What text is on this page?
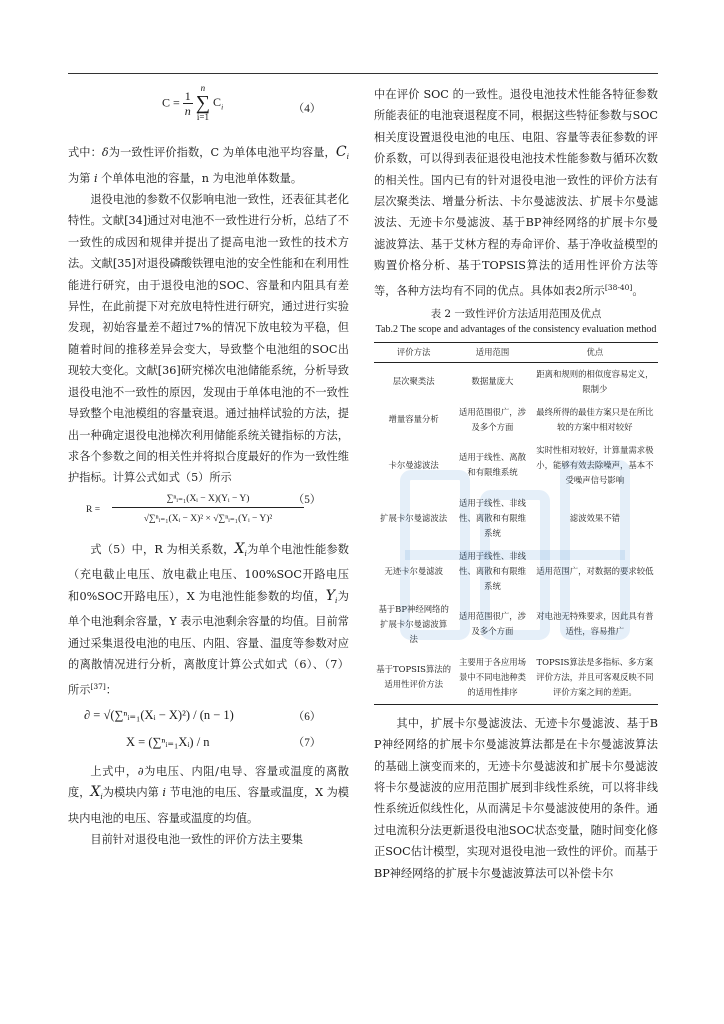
$C = \frac{1}{n}$
n
∑
i=1 $C_i$	（4）

式中：δ为一致性评价指数，C 为单体电池平均容量，$C_i$为第 i 个单体电池的容量，n 为电池单体数量。

退役电池的参数不仅影响电池一致性，还表征其老化特性。文献[34]通过对电池不一致性进行分析，总结了不一致性的成因和规律并提出了提高电池一致性的技术方法。文献[35]对退役磷酸铁锂电池的安全性能和在利用性能进行研究，由于退役电池的SOC、容量和内阻具有差异性，在此前提下对充放电特性进行研究，通过进行实验发现，初始容量差不超过7%的情况下放电较为平稳，但随着时间的推移差异会变大，导致整个电池组的SOC出现较大变化。文献[36]研究梯次电池储能系统，分析导致退役电池不一致性的原因，发现由于单体电池的不一致性导致整个电池模组的容量衰退。通过抽样试验的方法，提出一种确定退役电池梯次利用储能系统关键指标的方法，求各个参数之间的相关性并将拟合度最好的作为一致性维护指标。计算公式如式（5）所示

R =
∑ⁿᵢ₌₁(Xᵢ − X)(Yᵢ − Y)
√∑ⁿᵢ₌₁(Xᵢ − X)² × √∑ⁿᵢ₌₁(Yᵢ − Y)²
（5）

式（5）中，R 为相关系数，$X_i$为单个电池性能参数（充电截止电压、放电截止电压、100%SOC开路电压和0%SOC开路电压），X 为电池性能参数的均值，$Y_i$为单个电池剩余容量，Y 表示电池剩余容量的均值。目前常通过采集退役电池的电压、内阻、容量、温度等参数对应的离散情况进行分析，离散度计算公式如式（6）、（7）所示[37]：

∂ = √(∑ⁿᵢ₌₁(Xᵢ − X)²) / (n − 1)	（6）
X = (∑ⁿᵢ₌₁Xᵢ) / n	（7）

上式中，∂为电压、内阻/电导、容量或温度的离散度，$X_i$为模块内第 i 节电池的电压、容量或温度，X 为模块内电池的电压、容量或温度的均值。

目前针对退役电池一致性的评价方法主要集

中在评价 SOC 的一致性。退役电池技术性能各特征参数所能表征的电池衰退程度不同，根据这些特征参数与SOC相关度设置退役电池的电压、电阻、容量等表征参数的评价系数，可以得到表征退役电池技术性能参数与循环次数的相关性。国内已有的针对退役电池一致性的评价方法有层次聚类法、增量分析法、卡尔曼滤波法、扩展卡尔曼滤波法、无迹卡尔曼滤波、基于BP神经网络的扩展卡尔曼滤波算法、基于艾林方程的寿命评价、基于净收益模型的购置价格分析、基于TOPSIS算法的适用性评价方法等等，各种方法均有不同的优点。具体如表2所示[38-40]。

表 2 一致性评价方法适用范围及优点

Tab.2 The scope and advantages of the consistency evaluation method

评价方法	适用范围	优点
层次聚类法	数据量庞大	距离和规则的相似度容易定义，限制少
增量容量分析	适用范围很广，涉及多个方面	最终所得的最佳方案只是在所比较的方案中相对较好
卡尔曼滤波法	适用于线性、离散和有限维系统	实时性相对较好，计算量需求极小，能够有效去除噪声，基本不受噪声信号影响
扩展卡尔曼滤波法	适用于线性、非线性、离散和有限维系统	滤波效果不错
无迹卡尔曼滤波	适用于线性、非线性、离散和有限维系统	适用范围广，对数据的要求较低
基于BP神经网络的扩展卡尔曼滤波算法	适用范围很广，涉及多个方面	对电池无特殊要求，因此具有普适性，容易推广
基于TOPSIS算法的适用性评价方法	主要用于各应用场景中不同电池种类的适用性排序	TOPSIS算法是多指标、多方案评价方法，并且可客观反映不同评价方案之间的差距。

其中，扩展卡尔曼滤波法、无迹卡尔曼滤波、基于BP神经网络的扩展卡尔曼滤波算法都是在卡尔曼滤波算法的基础上演变而来的，无迹卡尔曼滤波和扩展卡尔曼滤波将卡尔曼滤波的应用范围扩展到非线性系统，可以将非线性系统近似线性化，从而满足卡尔曼滤波使用的条件。通过电流积分法更新退役电池SOC状态变量，随时间变化修正SOC估计模型，实现对退役电池一致性的评价。而基于BP神经网络的扩展卡尔曼滤波算法可以补偿卡尔
